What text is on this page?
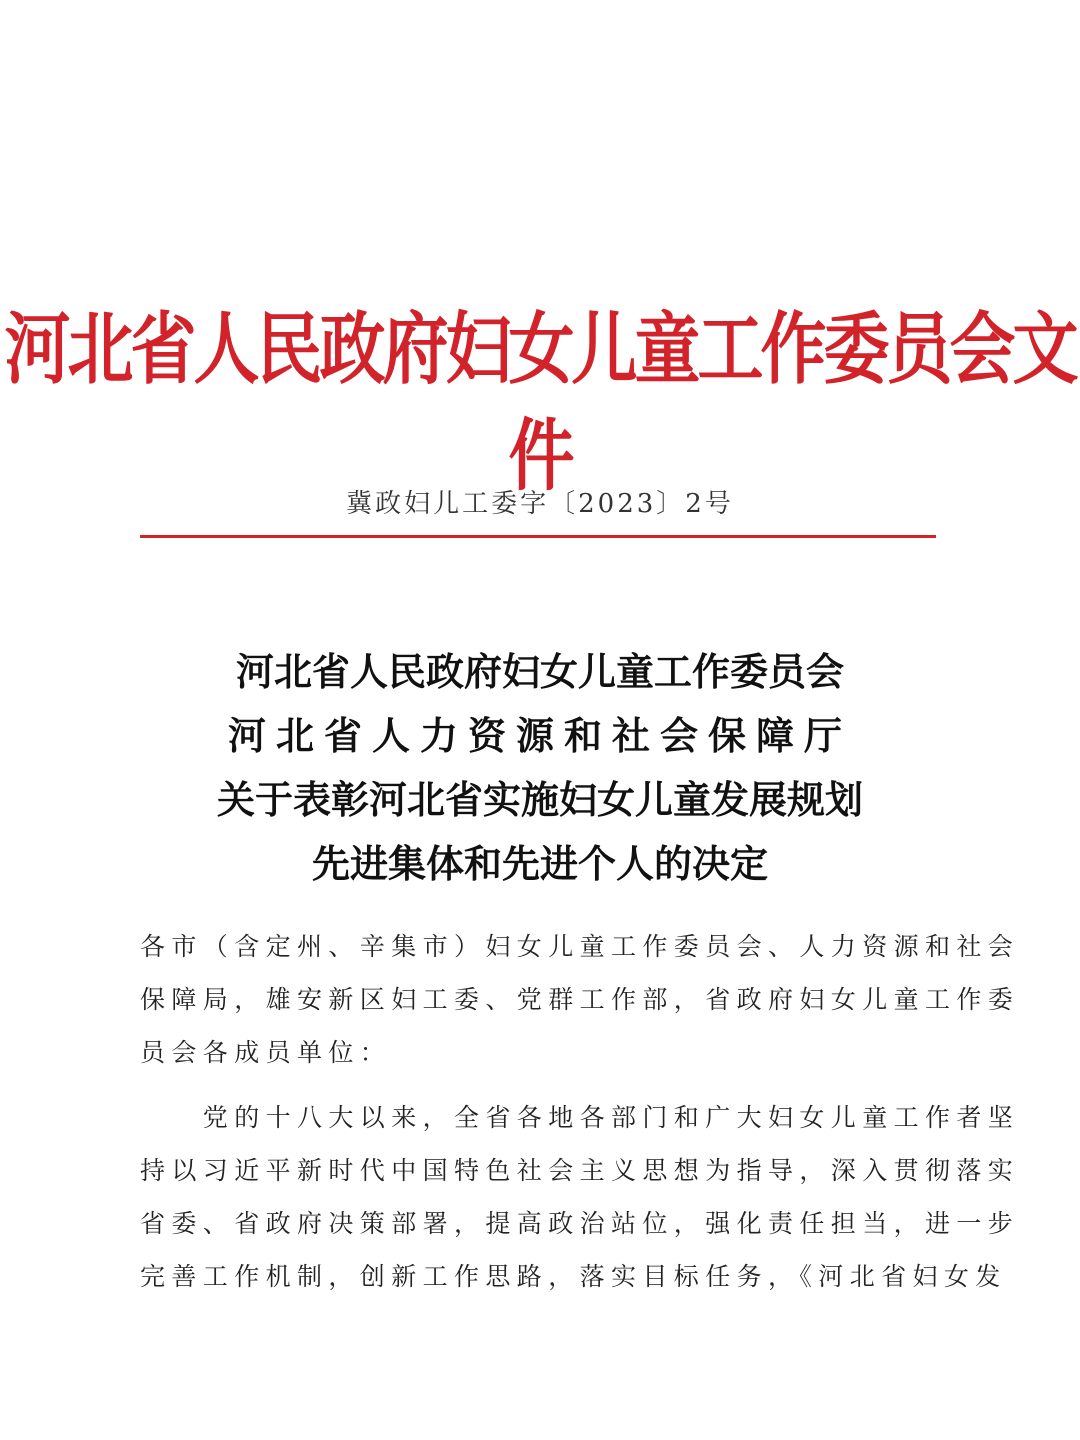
河北省人民政府妇女儿童工作委员会文件
冀政妇儿工委字〔2023〕2号
河北省人民政府妇女儿童工作委员会
河北省人力资源和社会保障厅
关于表彰河北省实施妇女儿童发展规划
先进集体和先进个人的决定
各市（含定州、辛集市）妇女儿童工作委员会、人力资源和社会
保障局，雄安新区妇工委、党群工作部，省政府妇女儿童工作委
员会各成员单位：
　　党的十八大以来，全省各地各部门和广大妇女儿童工作者坚
持以习近平新时代中国特色社会主义思想为指导，深入贯彻落实
省委、省政府决策部署，提高政治站位，强化责任担当，进一步
完善工作机制，创新工作思路，落实目标任务，《河北省妇女发
